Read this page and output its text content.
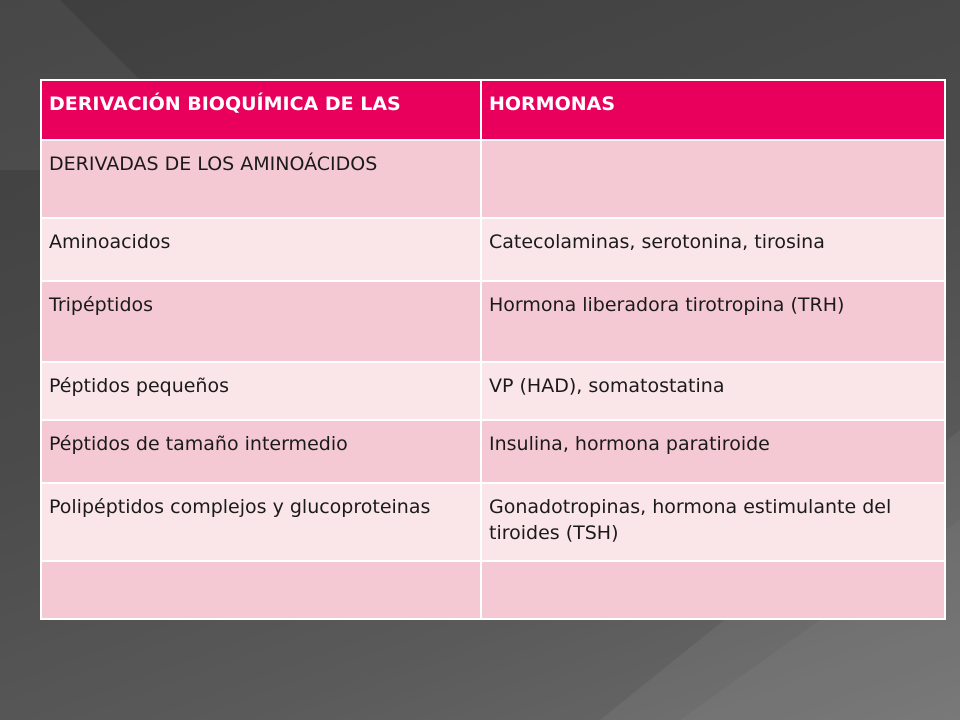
DERIVACIÓN BIOQUÍMICA DE LAS	HORMONAS
DERIVADAS DE LOS AMINOÁCIDOS	
Aminoacidos	Catecolaminas, serotonina, tirosina
Tripéptidos	Hormona liberadora tirotropina (TRH)
Péptidos pequeños	VP (HAD), somatostatina
Péptidos de tamaño intermedio	Insulina, hormona paratiroide
Polipéptidos complejos y glucoproteinas	Gonadotropinas, hormona estimulante del tiroides (TSH)
